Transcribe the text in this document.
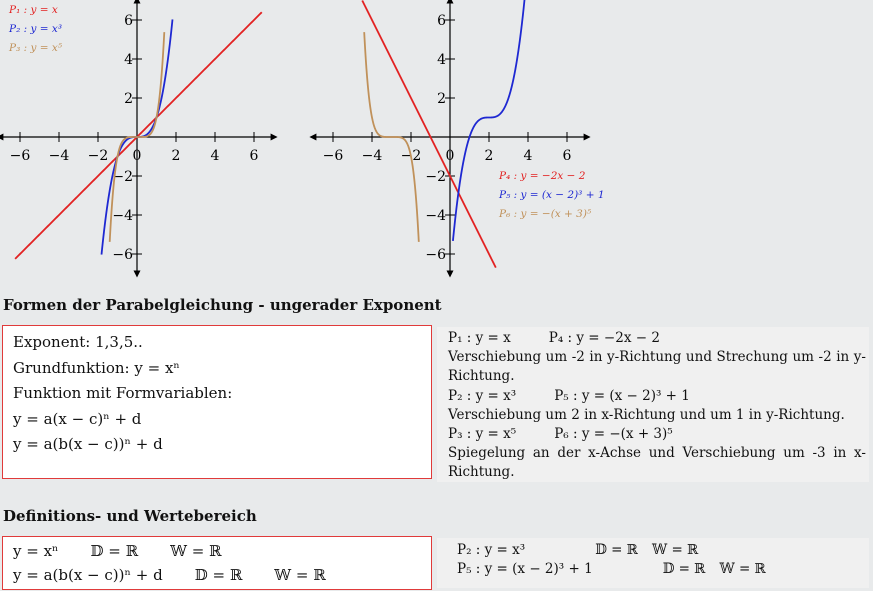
−6 −4 −2 0 2 4 6
6
4
2
−2
−4
−6
P₁ : y = x
P₂ : y = x³
P₃ : y = x⁵
−6 −4 −2 0 2 4 6
6
4
2
−2
−4
−6
P₄ : y = −2x − 2
P₅ : y = (x − 2)³ + 1
P₆ : y = −(x + 3)⁵
Formen der Parabelgleichung - ungerader Exponent
Exponent: 1,3,5..
Grundfunktion: y = xⁿ
Funktion mit Formvariablen:
y = a(x − c)ⁿ + d
y = a(b(x − c))ⁿ + d
P₁ : y = x	P₄ : y = −2x − 2
Verschiebung um -2 in y-Richtung und Strechung um -2 in y-Richtung.
P₂ : y = x³	P₅ : y = (x − 2)³ + 1
Verschiebung um 2 in x-Richtung und um 1 in y-Richtung.
P₃ : y = x⁵	P₆ : y = −(x + 3)⁵
Spiegelung an der x-Achse und Verschiebung um -3 in x-Richtung.
Definitions- und Wertebereich
y = xⁿ 𝔻 = ℝ 𝕎 = ℝ
y = a(b(x − c))ⁿ + d 𝔻 = ℝ 𝕎 = ℝ
P₂ : y = x³	𝔻 = ℝ 𝕎 = ℝ
P₅ : y = (x − 2)³ + 1	𝔻 = ℝ 𝕎 = ℝ
